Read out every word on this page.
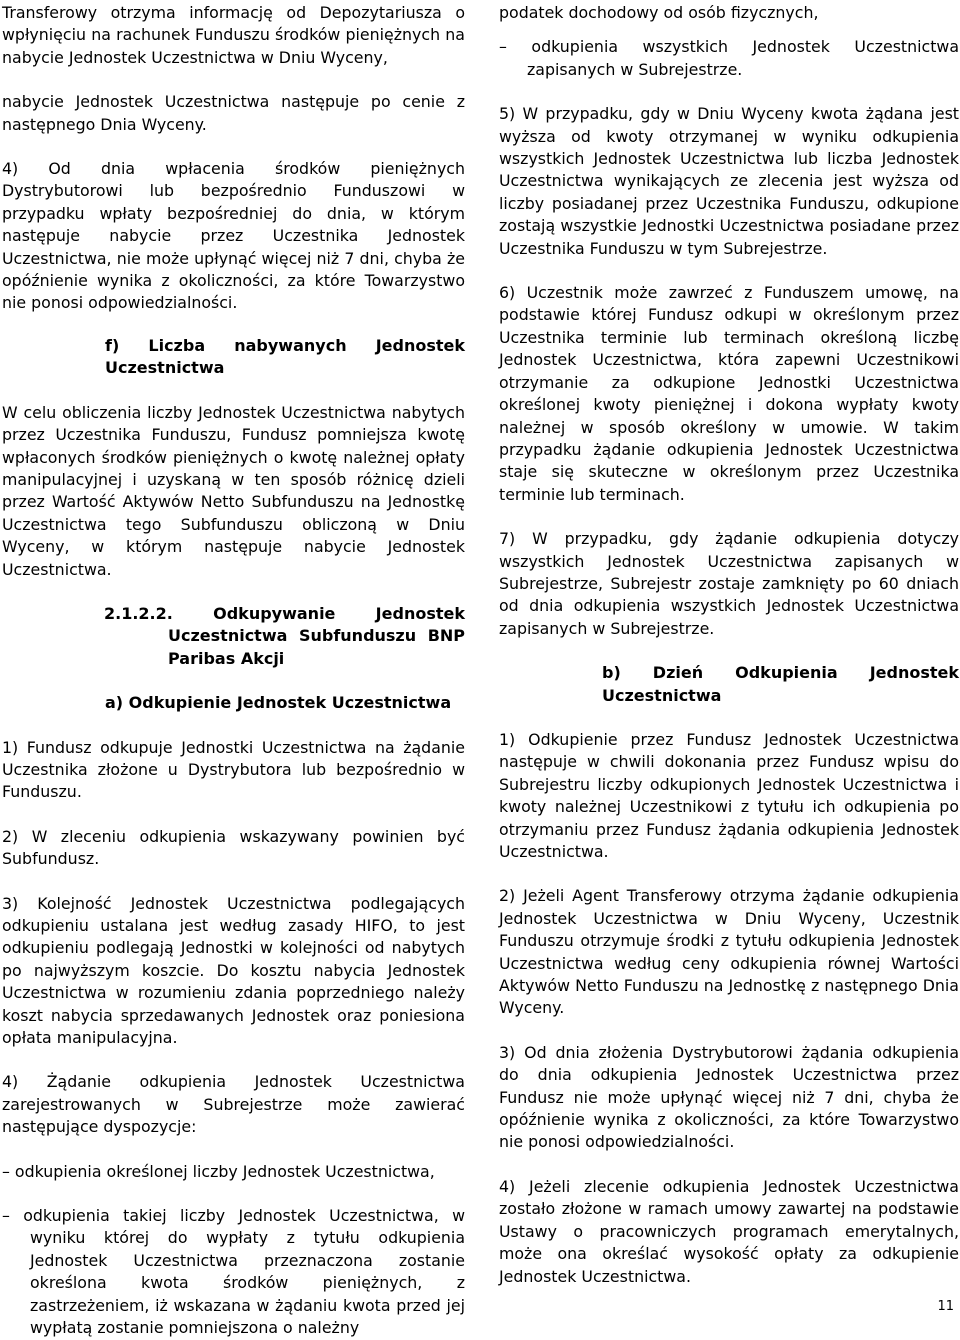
Transferowy otrzyma informację od Depozytariusza o wpłynięciu na rachunek Funduszu środków pieniężnych na nabycie Jednostek Uczestnictwa w Dniu Wyceny,

nabycie Jednostek Uczestnictwa następuje po cenie z następnego Dnia Wyceny.

4) Od dnia wpłacenia środków pieniężnych Dystrybutorowi lub bezpośrednio Funduszowi w przypadku wpłaty bezpośredniej do dnia, w którym następuje nabycie przez Uczestnika Jednostek Uczestnictwa, nie może upłynąć więcej niż 7 dni, chyba że opóźnienie wynika z okoliczności, za które Towarzystwo nie ponosi odpowiedzialności.

f) Liczba nabywanych Jednostek Uczestnictwa

W celu obliczenia liczby Jednostek Uczestnictwa nabytych przez Uczestnika Funduszu, Fundusz pomniejsza kwotę wpłaconych środków pieniężnych o kwotę należnej opłaty manipulacyjnej i uzyskaną w ten sposób różnicę dzieli przez Wartość Aktywów Netto Subfunduszu na Jednostkę Uczestnictwa tego Subfunduszu obliczoną w Dniu Wyceny, w którym następuje nabycie Jednostek Uczestnictwa.

2.1.2.2.	Odkupywanie Jednostek Uczestnictwa Subfunduszu BNP Paribas Akcji
a) Odkupienie Jednostek Uczestnictwa

1) Fundusz odkupuje Jednostki Uczestnictwa na żądanie Uczestnika złożone u Dystrybutora lub bezpośrednio w Funduszu.

2) W zleceniu odkupienia wskazywany powinien być Subfundusz.

3) Kolejność Jednostek Uczestnictwa podlegających odkupieniu ustalana jest według zasady HIFO, to jest odkupieniu podlegają Jednostki w kolejności od nabytych po najwyższym koszcie. Do kosztu nabycia Jednostek Uczestnictwa w rozumieniu zdania poprzedniego należy koszt nabycia sprzedawanych Jednostek oraz poniesiona opłata manipulacyjna.

4) Żądanie odkupienia Jednostek Uczestnictwa zarejestrowanych w Subrejestrze może zawierać następujące dyspozycje:

– odkupienia określonej liczby Jednostek Uczestnictwa,

– odkupienia takiej liczby Jednostek Uczestnictwa, w wyniku której do wypłaty z tytułu odkupienia Jednostek Uczestnictwa przeznaczona zostanie określona kwota środków pieniężnych, z zastrzeżeniem, iż wskazana w żądaniu kwota przed jej wypłatą zostanie pomniejszona o należny

podatek dochodowy od osób fizycznych,

– odkupienia wszystkich Jednostek Uczestnictwa zapisanych w Subrejestrze.

5) W przypadku, gdy w Dniu Wyceny kwota żądana jest wyższa od kwoty otrzymanej w wyniku odkupienia wszystkich Jednostek Uczestnictwa lub liczba Jednostek Uczestnictwa wynikających ze zlecenia jest wyższa od liczby posiadanej przez Uczestnika Funduszu, odkupione zostają wszystkie Jednostki Uczestnictwa posiadane przez Uczestnika Funduszu w tym Subrejestrze.

6) Uczestnik może zawrzeć z Funduszem umowę, na podstawie której Fundusz odkupi w określonym przez Uczestnika terminie lub terminach określoną liczbę Jednostek Uczestnictwa, która zapewni Uczestnikowi otrzymanie za odkupione Jednostki Uczestnictwa określonej kwoty pieniężnej i dokona wypłaty kwoty należnej w sposób określony w umowie. W takim przypadku żądanie odkupienia Jednostek Uczestnictwa staje się skuteczne w określonym przez Uczestnika terminie lub terminach.

7) W przypadku, gdy żądanie odkupienia dotyczy wszystkich Jednostek Uczestnictwa zapisanych w Subrejestrze, Subrejestr zostaje zamknięty po 60 dniach od dnia odkupienia wszystkich Jednostek Uczestnictwa zapisanych w Subrejestrze.

b) Dzień Odkupienia Jednostek Uczestnictwa

1) Odkupienie przez Fundusz Jednostek Uczestnictwa następuje w chwili dokonania przez Fundusz wpisu do Subrejestru liczby odkupionych Jednostek Uczestnictwa i kwoty należnej Uczestnikowi z tytułu ich odkupienia po otrzymaniu przez Fundusz żądania odkupienia Jednostek Uczestnictwa.

2) Jeżeli Agent Transferowy otrzyma żądanie odkupienia Jednostek Uczestnictwa w Dniu Wyceny, Uczestnik Funduszu otrzymuje środki z tytułu odkupienia Jednostek Uczestnictwa według ceny odkupienia równej Wartości Aktywów Netto Funduszu na Jednostkę z następnego Dnia Wyceny.

3) Od dnia złożenia Dystrybutorowi żądania odkupienia do dnia odkupienia Jednostek Uczestnictwa przez Fundusz nie może upłynąć więcej niż 7 dni, chyba że opóźnienie wynika z okoliczności, za które Towarzystwo nie ponosi odpowiedzialności.

4) Jeżeli zlecenie odkupienia Jednostek Uczestnictwa zostało złożone w ramach umowy zawartej na podstawie Ustawy o pracowniczych programach emerytalnych, może ona określać wysokość opłaty za odkupienie Jednostek Uczestnictwa.

11
